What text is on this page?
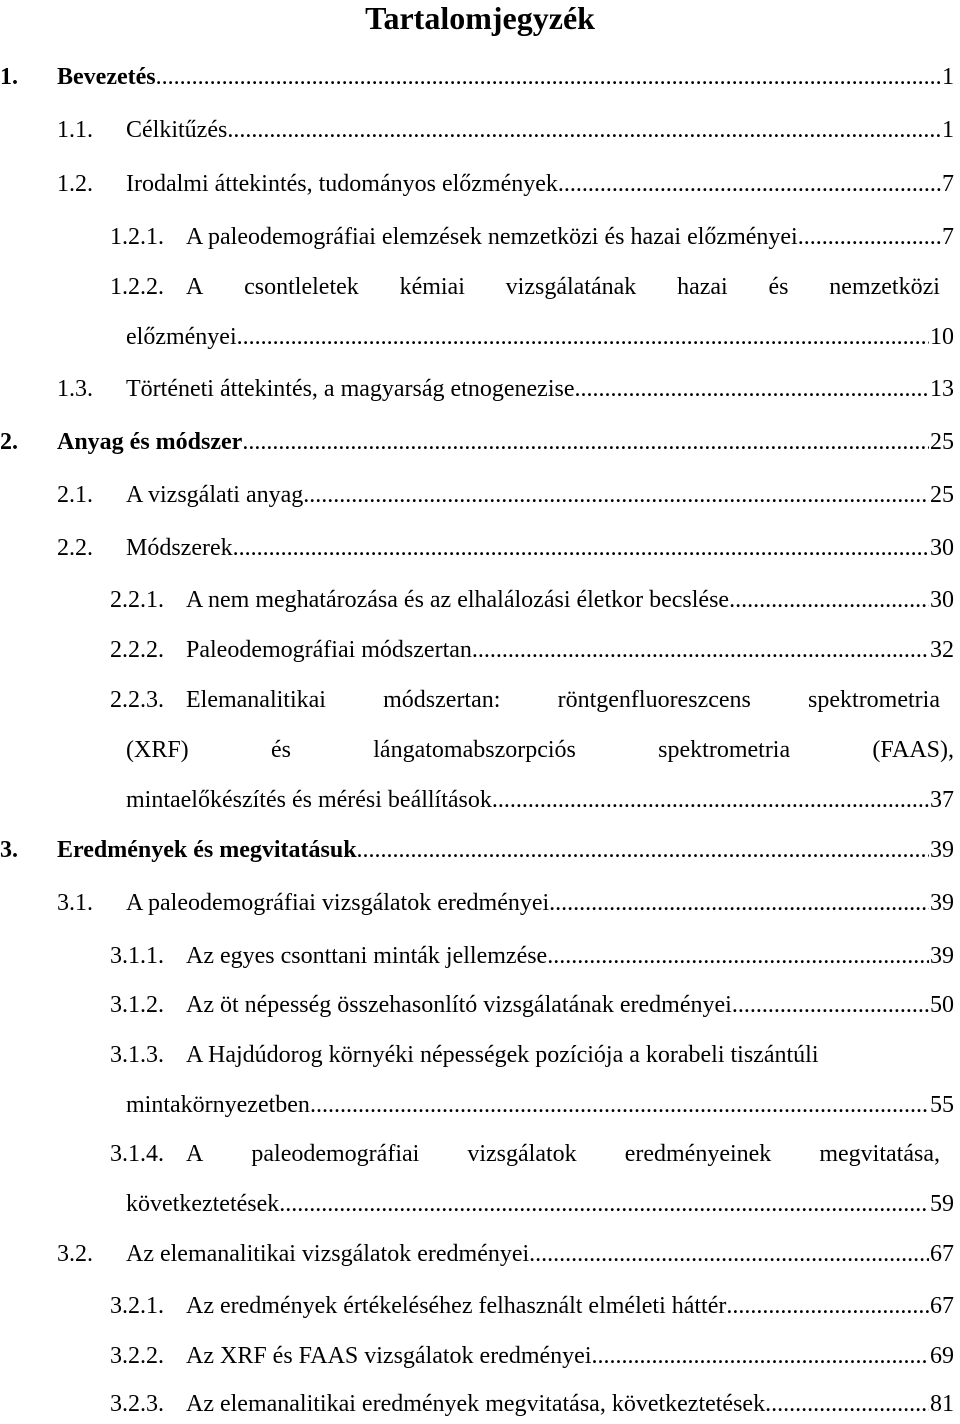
Tartalomjegyzék
1. Bevezetés .....	1
1.1. Célkitűzés .....	1
1.2. Irodalmi áttekintés, tudományos előzmények .....	7
1.2.1. A paleodemográfiai elemzések nemzetközi és hazai előzményei .....	7
1.2.2. A csontleletek kémiai vizsgálatának hazai és nemzetközi
előzményei .....	10
1.3. Történeti áttekintés, a magyarság etnogenezise .....	13
2. Anyag és módszer .....	25
2.1. A vizsgálati anyag .....	25
2.2. Módszerek .....	30
2.2.1. A nem meghatározása és az elhalálozási életkor becslése .....	30
2.2.2. Paleodemográfiai módszertan .....	32
2.2.3. Elemanalitikai módszertan: röntgenfluoreszcens spektrometria
(XRF)	és	lángatomabszorpciós	spektrometria	(FAAS),
mintaelőkészítés és mérési beállítások .....	37
3. Eredmények és megvitatásuk .....	39
3.1. A paleodemográfiai vizsgálatok eredményei .....	39
3.1.1. Az egyes csonttani minták jellemzése .....	39
3.1.2. Az öt népesség összehasonlító vizsgálatának eredményei .....	50
3.1.3. A Hajdúdorog környéki népességek pozíciója a korabeli tiszántúli
mintakörnyezetben .....	55
3.1.4. A paleodemográfiai vizsgálatok eredményeinek megvitatása,
következtetések .....	59
3.2. Az elemanalitikai vizsgálatok eredményei .....	67
3.2.1. Az eredmények értékeléséhez felhasznált elméleti háttér .....	67
3.2.2. Az XRF és FAAS vizsgálatok eredményei .....	69
3.2.3. Az elemanalitikai eredmények megvitatása, következtetések .....	81
